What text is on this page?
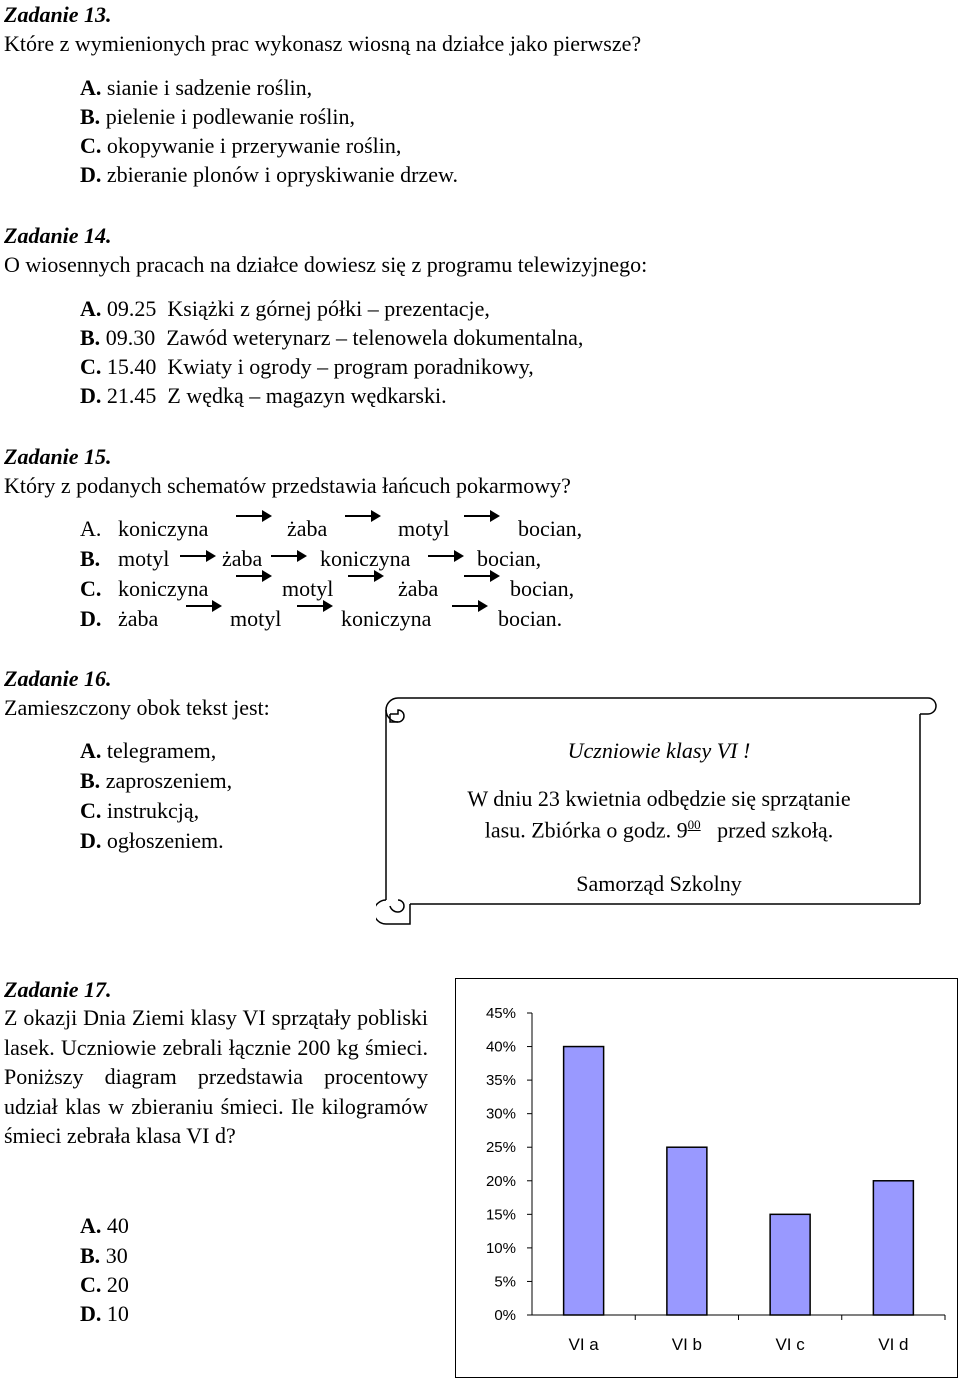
Zadanie 13.
Które z wymienionych prac wykonasz wiosną na działce jako pierwsze?
A. sianie i sadzenie roślin,
B. pielenie i podlewanie roślin,
C. okopywanie i przerywanie roślin,
D. zbieranie plonów i opryskiwanie drzew.
Zadanie 14.
O wiosennych pracach na działce dowiesz się z programu telewizyjnego:
A. 09.25 Książki z górnej półki – prezentacje,
B. 09.30 Zawód weterynarz – telenowela dokumentalna,
C. 15.40 Kwiaty i ogrody – program poradnikowy,
D. 21.45 Z wędką – magazyn wędkarski.
Zadanie 15.
Który z podanych schematów przedstawia łańcuch pokarmowy?
A. koniczyna	żaba	motyl	bocian,
B. motyl żaba	koniczyna	bocian,
C. koniczyna	motyl	żaba	bocian,
D. żaba	motyl	koniczyna	bocian.
Zadanie 16.
Zamieszczony obok tekst jest:
A. telegramem,
B. zaproszeniem,
C. instrukcją,
D. ogłoszeniem.
Uczniowie klasy VI !
W dniu 23 kwietnia odbędzie się sprzątanie
lasu. Zbiórka o godz. $9^{00}$ przed szkołą.
Samorząd Szkolny
Zadanie 17.
Z okazji Dnia Ziemi klasy VI sprzątały pobliski lasek. Uczniowie zebrali łącznie 200 kg śmieci. Poniższy diagram przedstawia procentowy udział klas w zbieraniu śmieci. Ile kilogramów śmieci zebrała klasa VI d?
A. 40
B. 30
C. 20
D. 10	0%
5%
10%
15%
20%
25%
30%
35%
40%
45%
VI a	VI b	VI c	VI d
